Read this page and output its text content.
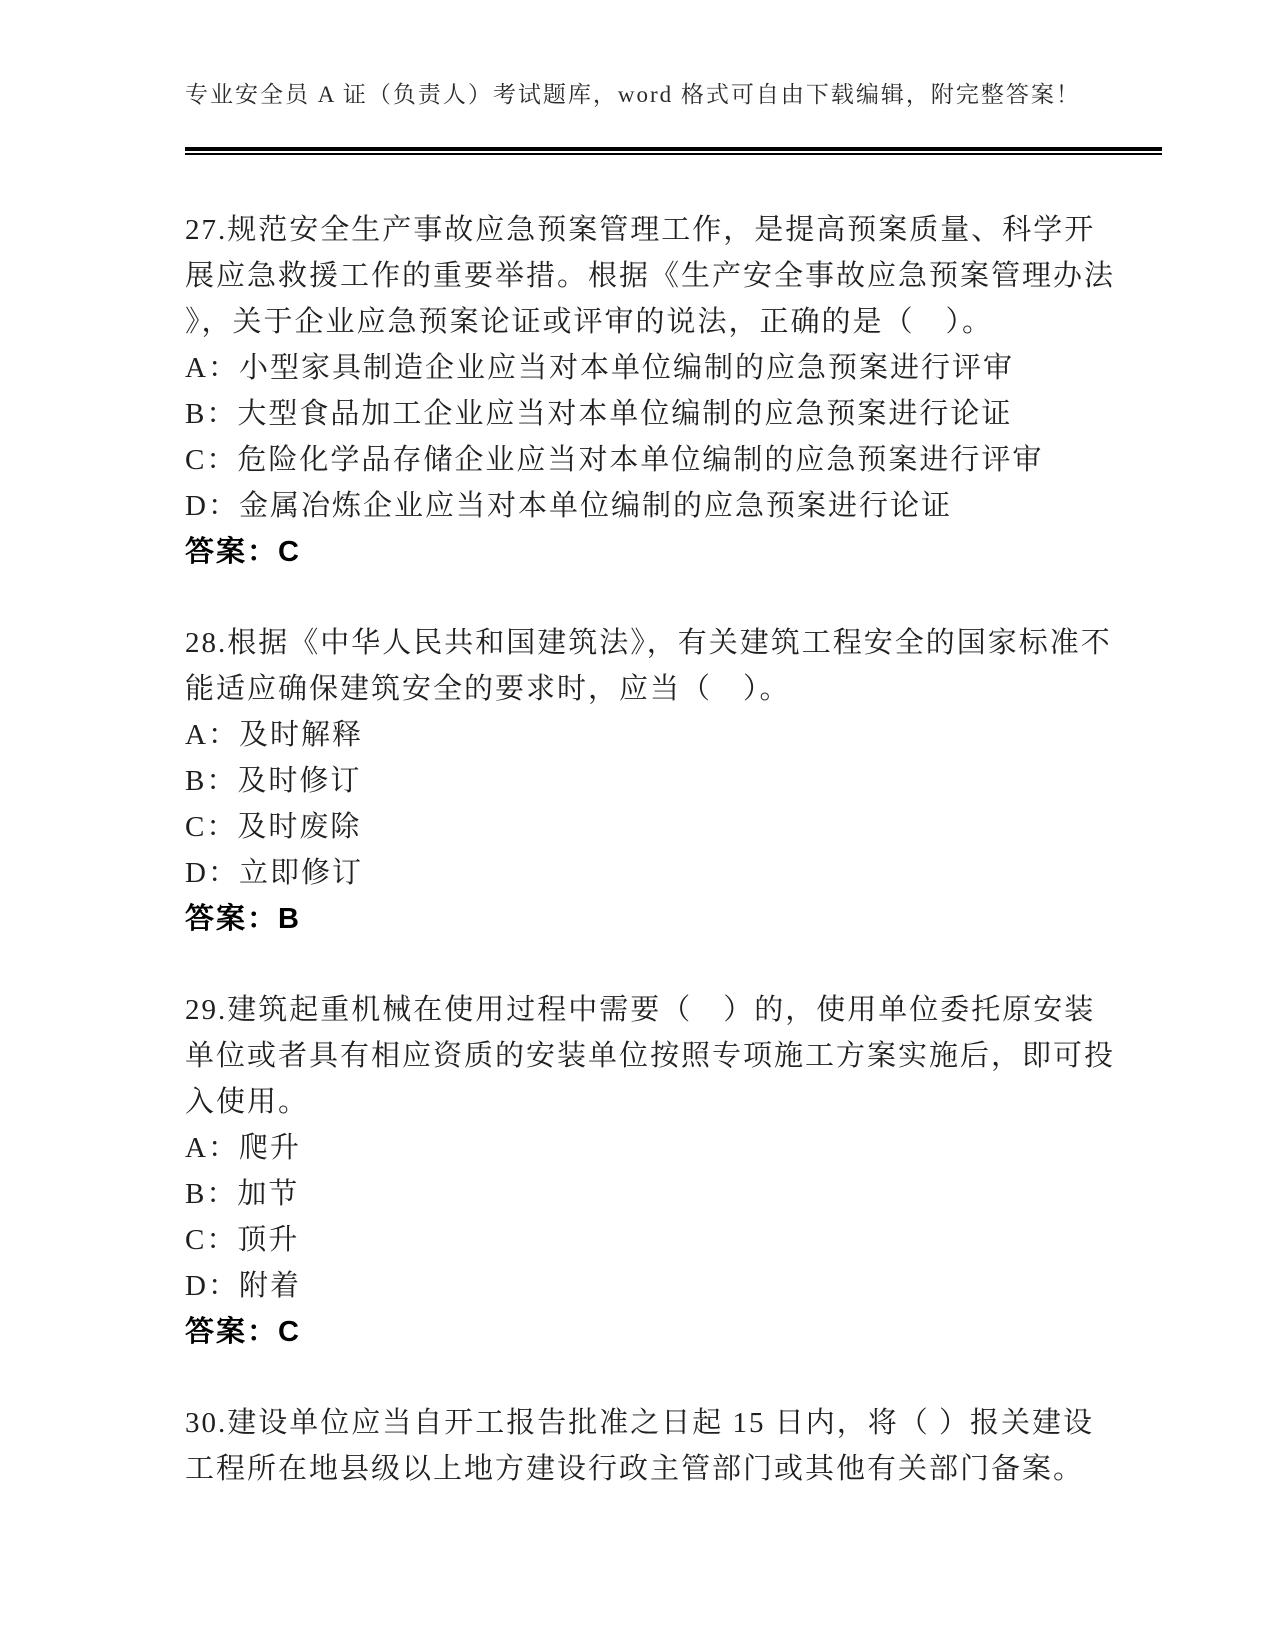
专业安全员 A 证（负责人）考试题库，word 格式可自由下载编辑，附完整答案！

27.规范安全生产事故应急预案管理工作，是提高预案质量、科学开展应急救援工作的重要举措。根据《生产安全事故应急预案管理办法》，关于企业应急预案论证或评审的说法，正确的是（　）。

A：小型家具制造企业应当对本单位编制的应急预案进行评审

B：大型食品加工企业应当对本单位编制的应急预案进行论证

C：危险化学品存储企业应当对本单位编制的应急预案进行评审

D：金属冶炼企业应当对本单位编制的应急预案进行论证

答案：C

28.根据《中华人民共和国建筑法》，有关建筑工程安全的国家标准不能适应确保建筑安全的要求时，应当（　）。

A：及时解释

B：及时修订

C：及时废除

D：立即修订

答案：B

29.建筑起重机械在使用过程中需要（　）的，使用单位委托原安装单位或者具有相应资质的安装单位按照专项施工方案实施后，即可投入使用。

A：爬升

B：加节

C：顶升

D：附着

答案：C

30.建设单位应当自开工报告批准之日起 15 日内，将（ ）报关建设工程所在地县级以上地方建设行政主管部门或其他有关部门备案。
